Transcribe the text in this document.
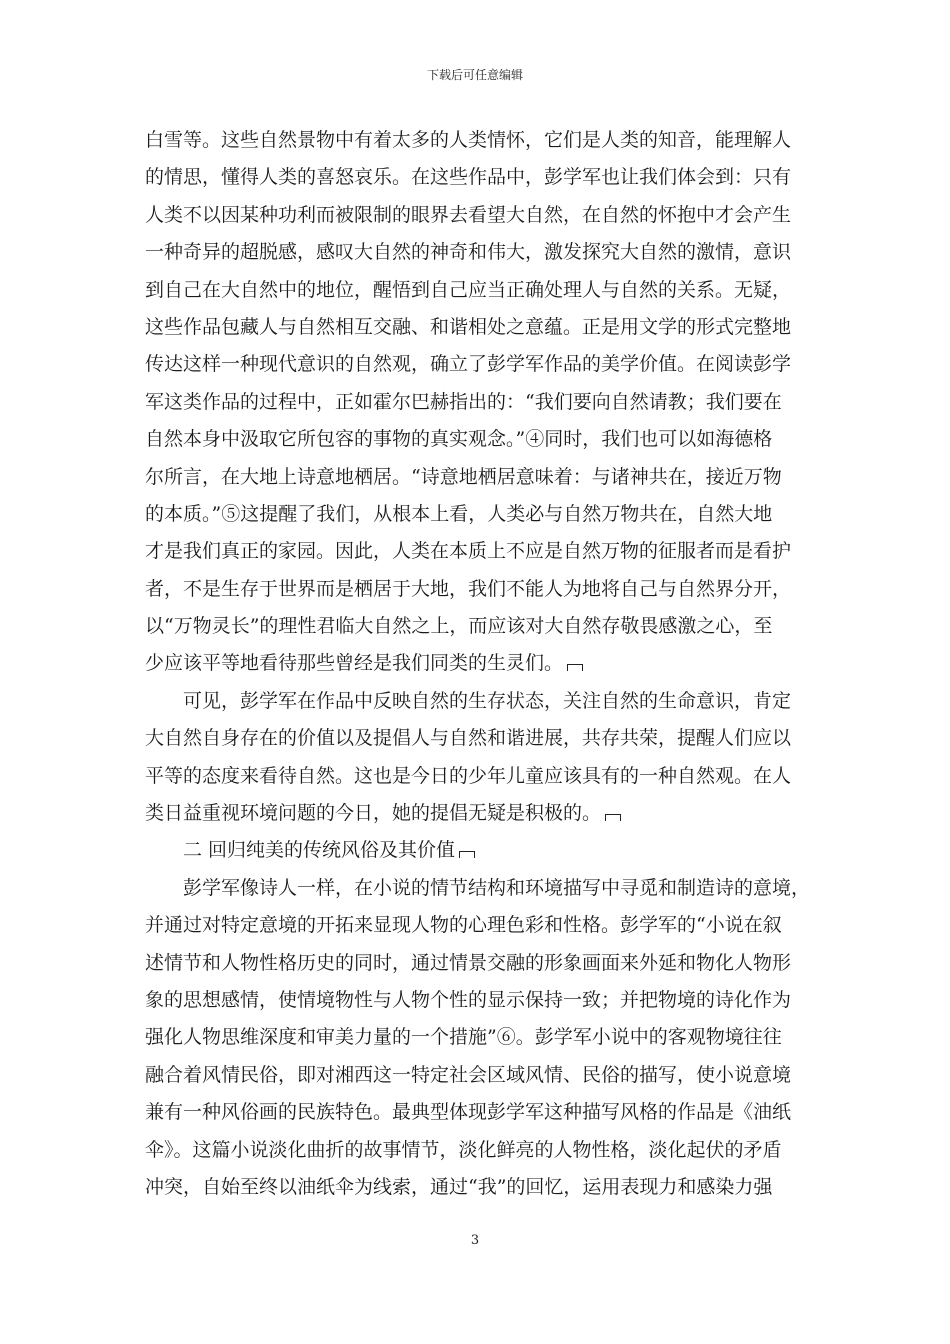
下载后可任意编辑
白雪等。这些自然景物中有着太多的人类情怀，它们是人类的知音，能理解人
的情思，懂得人类的喜怒哀乐。在这些作品中，彭学军也让我们体会到：只有
人类不以因某种功利而被限制的眼界去看望大自然，在自然的怀抱中才会产生
一种奇异的超脱感，感叹大自然的神奇和伟大，激发探究大自然的激情，意识
到自己在大自然中的地位，醒悟到自己应当正确处理人与自然的关系。无疑，
这些作品包藏人与自然相互交融、和谐相处之意蕴。正是用文学的形式完整地
传达这样一种现代意识的自然观，确立了彭学军作品的美学价值。在阅读彭学
军这类作品的过程中，正如霍尔巴赫指出的：“我们要向自然请教；我们要在
自然本身中汲取它所包容的事物的真实观念。”④同时，我们也可以如海德格
尔所言，在大地上诗意地栖居。“诗意地栖居意味着：与诸神共在，接近万物
的本质。”⑤这提醒了我们，从根本上看，人类必与自然万物共在，自然大地
才是我们真正的家园。因此，人类在本质上不应是自然万物的征服者而是看护
者，不是生存于世界而是栖居于大地，我们不能人为地将自己与自然界分开，
以“万物灵长”的理性君临大自然之上，而应该对大自然存敬畏感激之心，至
少应该平等地看待那些曾经是我们同类的生灵们。
可见，彭学军在作品中反映自然的生存状态，关注自然的生命意识，肯定
大自然自身存在的价值以及提倡人与自然和谐进展，共存共荣，提醒人们应以
平等的态度来看待自然。这也是今日的少年儿童应该具有的一种自然观。在人
类日益重视环境问题的今日，她的提倡无疑是积极的。
二 回归纯美的传统风俗及其价值
彭学军像诗人一样，在小说的情节结构和环境描写中寻觅和制造诗的意境，
并通过对特定意境的开拓来显现人物的心理色彩和性格。彭学军的“小说在叙
述情节和人物性格历史的同时，通过情景交融的形象画面来外延和物化人物形
象的思想感情，使情境物性与人物个性的显示保持一致；并把物境的诗化作为
强化人物思维深度和审美力量的一个措施”⑥。彭学军小说中的客观物境往往
融合着风情民俗，即对湘西这一特定社会区域风情、民俗的描写，使小说意境
兼有一种风俗画的民族特色。最典型体现彭学军这种描写风格的作品是《油纸
伞》。这篇小说淡化曲折的故事情节，淡化鲜亮的人物性格，淡化起伏的矛盾
冲突，自始至终以油纸伞为线索，通过“我”的回忆，运用表现力和感染力强
3
